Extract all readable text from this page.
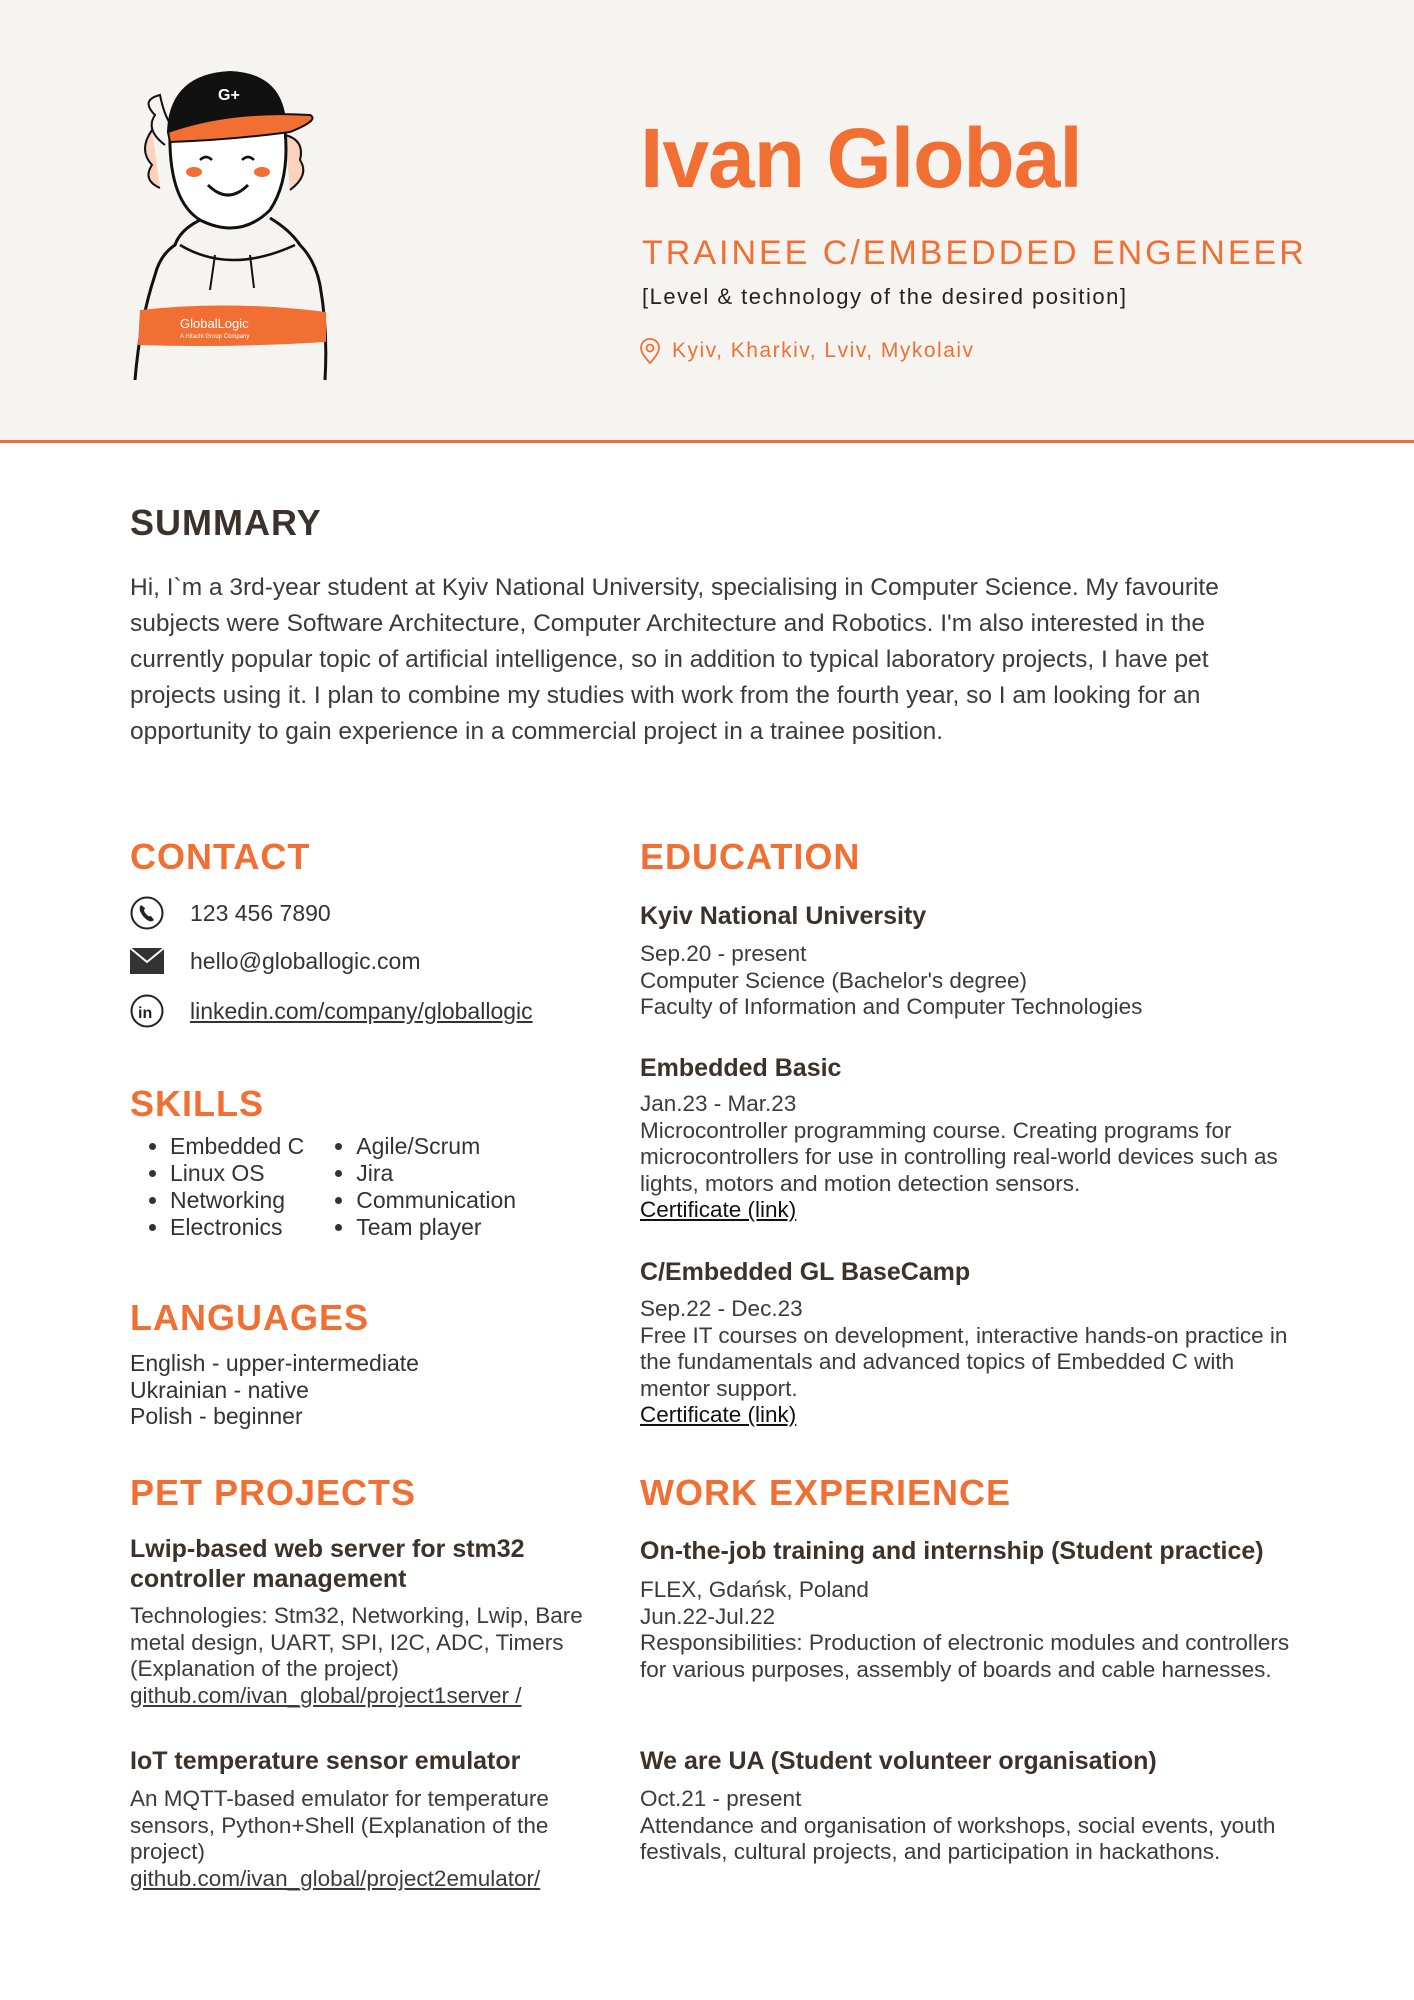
G+
GlobalLogic
A Hitachi Group Company
Ivan Global
TRAINEE C/EMBEDDED ENGENEER
[Level & technology of the desired position]
Kyiv, Kharkiv, Lviv, Mykolaiv
SUMMARY
Hi, I`m a 3rd-year student at Kyiv National University, specialising in Computer Science. My favourite subjects were Software Architecture, Computer Architecture and Robotics. I'm also interested in the currently popular topic of artificial intelligence, so in addition to typical laboratory projects, I have pet projects using it. I plan to combine my studies with work from the fourth year, so I am looking for an opportunity to gain experience in a commercial project in a trainee position.
CONTACT
123 456 7890
hello@globallogic.com
in linkedin.com/company/globallogic
SKILLS
• Embedded C
• Linux OS
• Networking
• Electronics
• Agile/Scrum
• Jira
• Communication
• Team player
LANGUAGES
English - upper-intermediate
Ukrainian - native
Polish - beginner
PET PROJECTS
Lwip-based web server for stm32 controller management
Technologies: Stm32, Networking, Lwip, Bare metal design, UART, SPI, I2C, ADC, Timers (Explanation of the project)
github.com/ivan_global/project1server /
IoT temperature sensor emulator
An MQTT-based emulator for temperature sensors, Python+Shell (Explanation of the project)
github.com/ivan_global/project2emulator/
EDUCATION
Kyiv National University
Sep.20 - present
Computer Science (Bachelor's degree)
Faculty of Information and Computer Technologies
Embedded Basic
Jan.23 - Mar.23
Microcontroller programming course. Creating programs for microcontrollers for use in controlling real-world devices such as lights, motors and motion detection sensors.
Certificate (link)
C/Embedded GL BaseCamp
Sep.22 - Dec.23
Free IT courses on development, interactive hands-on practice in the fundamentals and advanced topics of Embedded C with mentor support.
Certificate (link)
WORK EXPERIENCE
On-the-job training and internship (Student practice)
FLEX, Gdańsk, Poland
Jun.22-Jul.22
Responsibilities: Production of electronic modules and controllers for various purposes, assembly of boards and cable harnesses.
We are UA (Student volunteer organisation)
Oct.21 - present
Attendance and organisation of workshops, social events, youth festivals, cultural projects, and participation in hackathons.
